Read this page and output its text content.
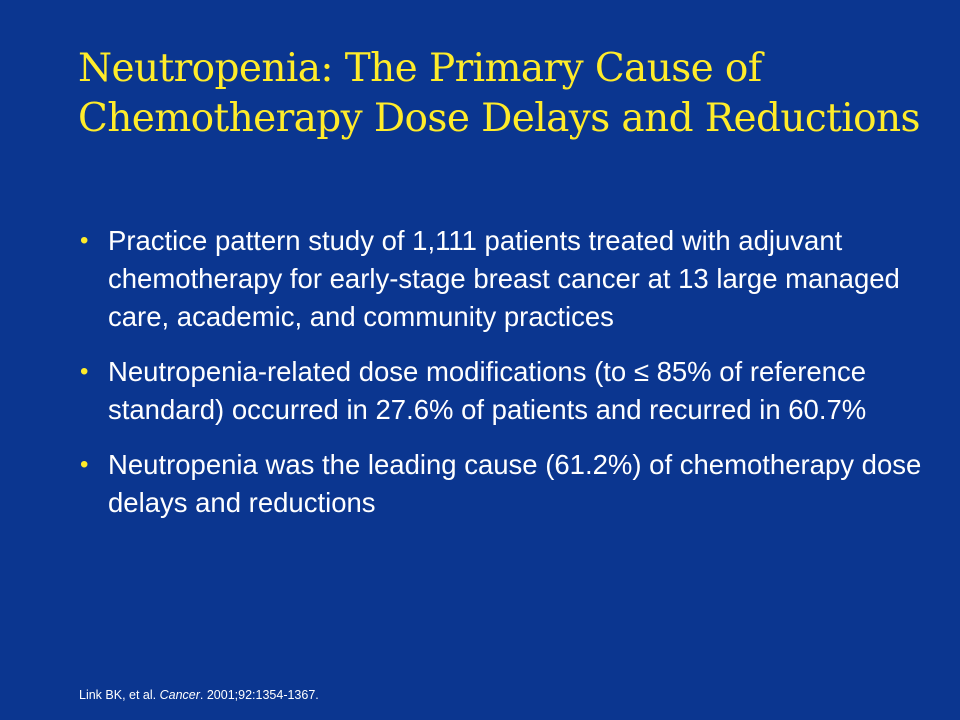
Neutropenia: The Primary Cause of
Chemotherapy Dose Delays and Reductions
• Practice pattern study of 1,111 patients treated with adjuvant chemotherapy for early-stage breast cancer at 13 large managed care, academic, and community practices
• Neutropenia-related dose modifications (to ≤ 85% of reference standard) occurred in 27.6% of patients and recurred in 60.7%
• Neutropenia was the leading cause (61.2%) of chemotherapy dose delays and reductions

Link BK, et al. Cancer. 2001;92:1354-1367.
